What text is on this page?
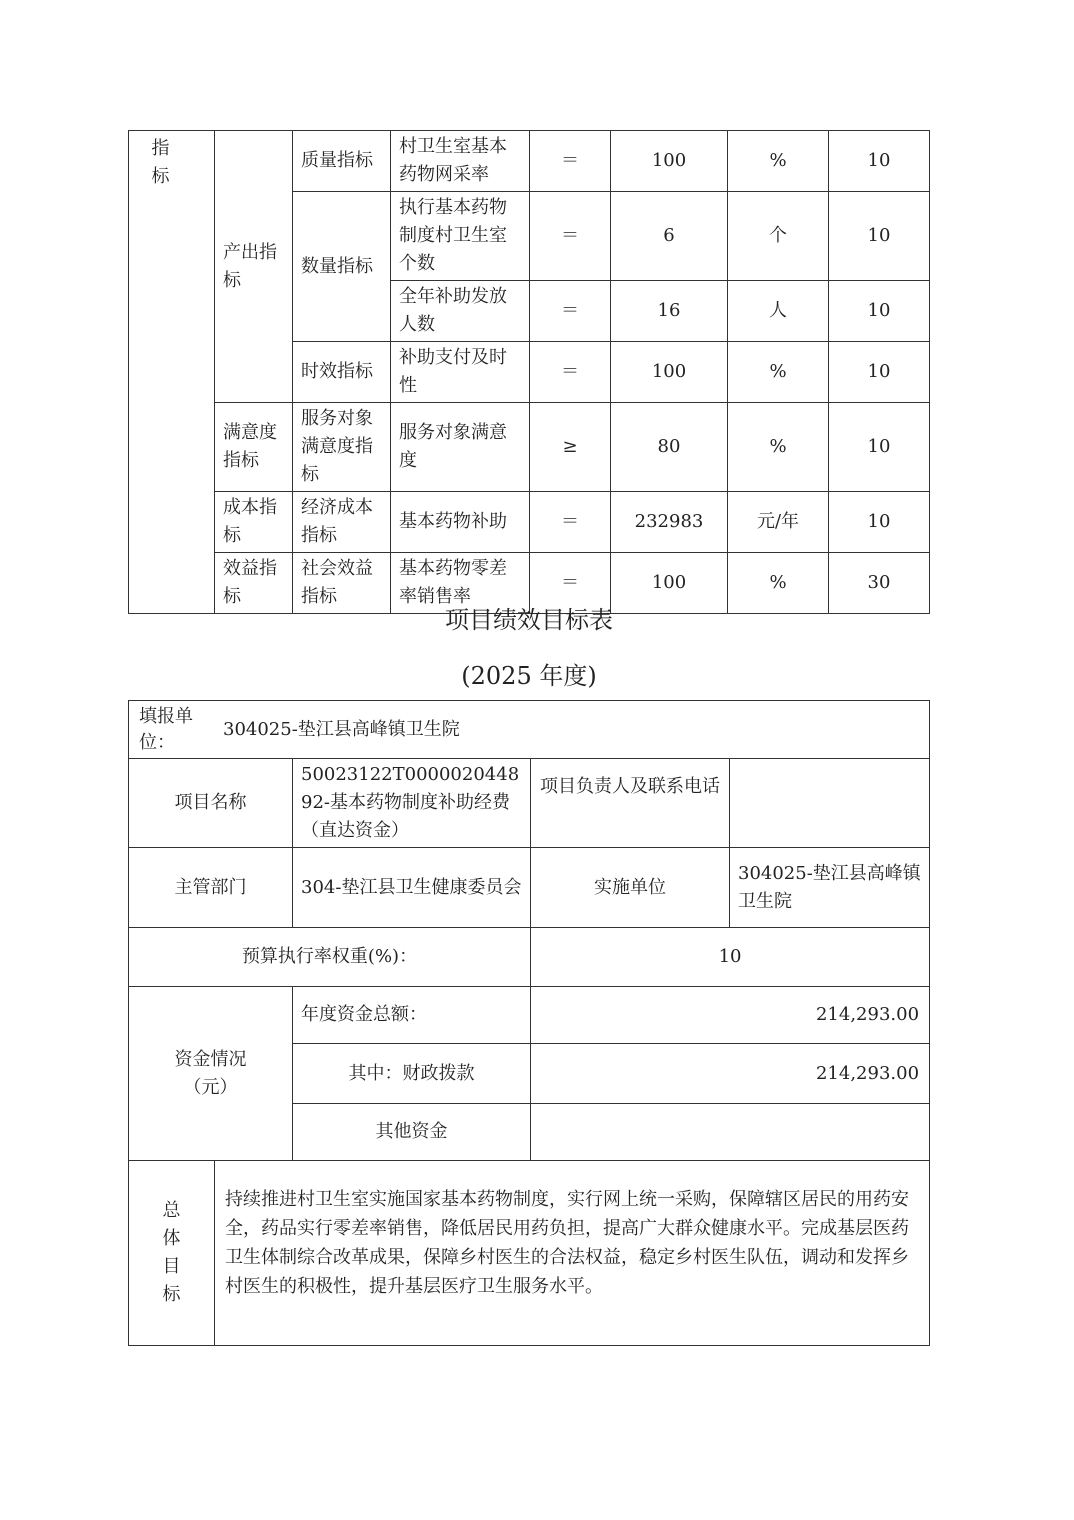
指标	产出指标	质量指标	村卫生室基本药物网采率	＝	100	%	10
		数量指标	执行基本药物制度村卫生室个数	＝	6	个	10
			全年补助发放人数	＝	16	人	10
		时效指标	补助支付及时性	＝	100	%	10
	满意度指标	服务对象满意度指标	服务对象满意度	≥	80	%	10
	成本指标	经济成本指标	基本药物补助	＝	232983	元/年	10
	效益指标	社会效益指标	基本药物零差率销售率	＝	100	%	30
项目绩效目标表
(2025 年度)
填报单位：
304025-垫江县高峰镇卫生院				

项目名称		50023122T000002044892-基本药物制度补助经费（直达资金）	项目负责人及联系电话	
主管部门		304-垫江县卫生健康委员会	实施单位	304025-垫江县高峰镇卫生院
预算执行率权重(%)：			10	
资金情况（元）		年度资金总额：	214,293.00	
		其中：财政拨款	214,293.00	
		其他资金		
总体目标	持续推进村卫生室实施国家基本药物制度，实行网上统一采购，保障辖区居民的用药安全，药品实行零差率销售，降低居民用药负担，提高广大群众健康水平。完成基层医药卫生体制综合改革成果，保障乡村医生的合法权益，稳定乡村医生队伍，调动和发挥乡村医生的积极性，提升基层医疗卫生服务水平。			
